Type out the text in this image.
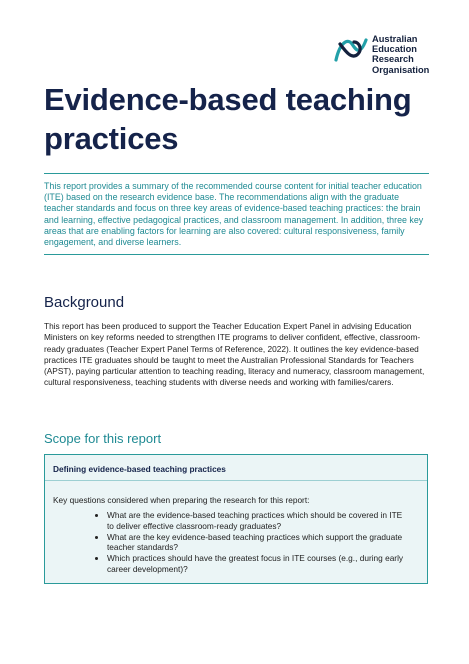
Australian
Education
Research
Organisation
Evidence-based teaching practices
This report provides a summary of the recommended course content for initial teacher education (ITE) based on the research evidence base. The recommendations align with the graduate teacher standards and focus on three key areas of evidence-based teaching practices: the brain and learning, effective pedagogical practices, and classroom management. In addition, three key areas that are enabling factors for learning are also covered: cultural responsiveness, family engagement, and diverse learners.
Background

This report has been produced to support the Teacher Education Expert Panel in advising Education Ministers on key reforms needed to strengthen ITE programs to deliver confident, effective, classroom-ready graduates (Teacher Expert Panel Terms of Reference, 2022). It outlines the key evidence-based practices ITE graduates should be taught to meet the Australian Professional Standards for Teachers (APST), paying particular attention to teaching reading, literacy and numeracy, classroom management, cultural responsiveness, teaching students with diverse needs and working with families/carers.

Scope for this report
Defining evidence-based teaching practices
Key questions considered when preparing the research for this report:
• What are the evidence-based teaching practices which should be covered in ITE to deliver effective classroom-ready graduates?
• What are the key evidence-based teaching practices which support the graduate teacher standards?
• Which practices should have the greatest focus in ITE courses (e.g., during early career development)?
